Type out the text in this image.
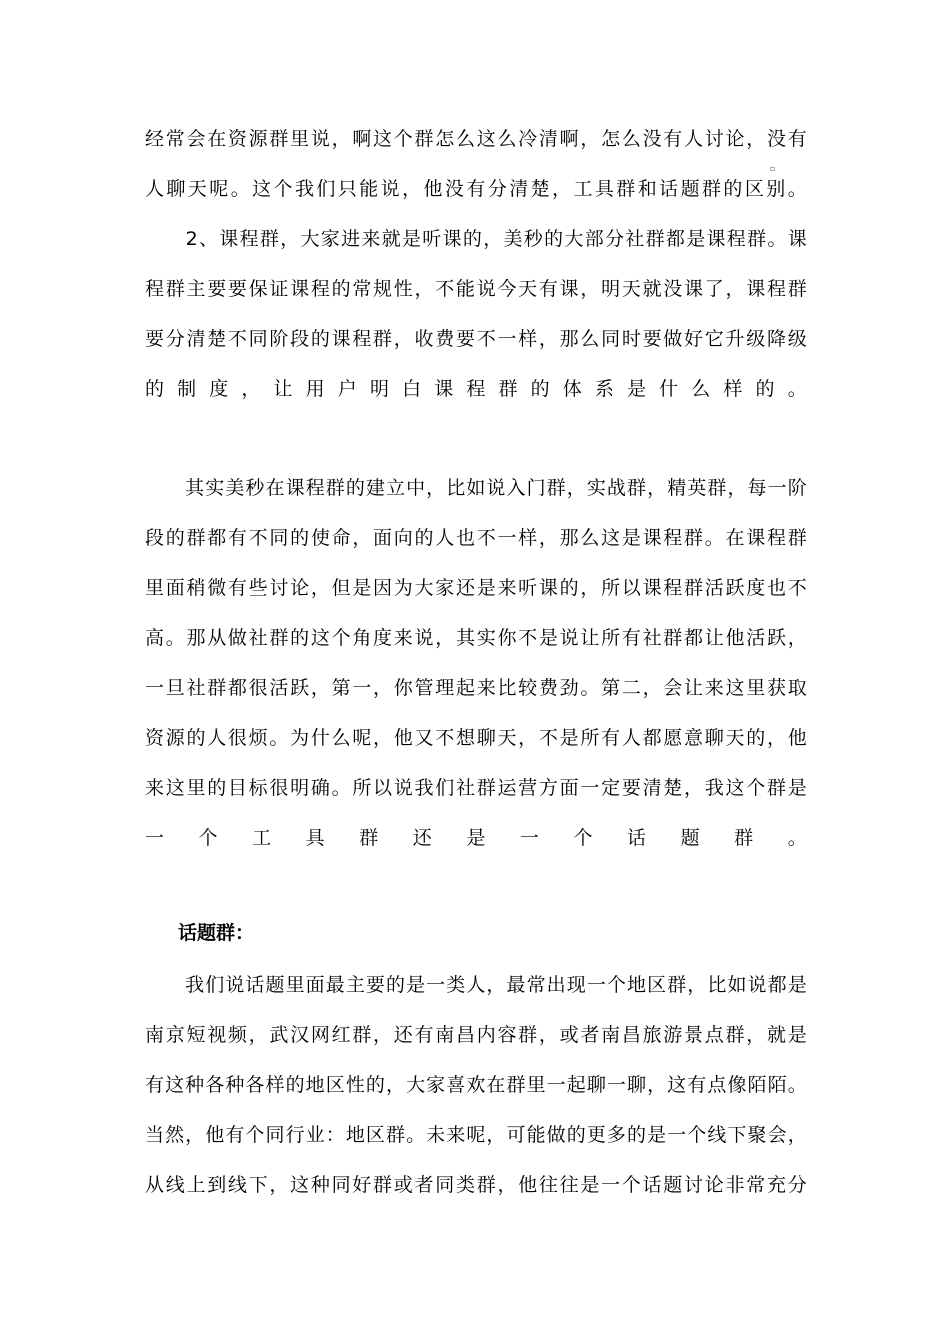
▫
经常会在资源群里说，啊这个群怎么这么冷清啊，怎么没有人讨论，没有
人聊天呢。这个我们只能说，他没有分清楚，工具群和话题群的区别。
　　2、课程群，大家进来就是听课的，美秒的大部分社群都是课程群。课
程群主要要保证课程的常规性，不能说今天有课，明天就没课了，课程群
要分清楚不同阶段的课程群，收费要不一样，那么同时要做好它升级降级
的制度，让用户明白课程群的体系是什么样的。
　　其实美秒在课程群的建立中，比如说入门群，实战群，精英群，每一阶
段的群都有不同的使命，面向的人也不一样，那么这是课程群。在课程群
里面稍微有些讨论，但是因为大家还是来听课的，所以课程群活跃度也不
高。那从做社群的这个角度来说，其实你不是说让所有社群都让他活跃，
一旦社群都很活跃，第一，你管理起来比较费劲。第二，会让来这里获取
资源的人很烦。为什么呢，他又不想聊天，不是所有人都愿意聊天的，他
来这里的目标很明确。所以说我们社群运营方面一定要清楚，我这个群是
一个工具群还是一个话题群。
话题群：
　　我们说话题里面最主要的是一类人，最常出现一个地区群，比如说都是
南京短视频，武汉网红群，还有南昌内容群，或者南昌旅游景点群，就是
有这种各种各样的地区性的，大家喜欢在群里一起聊一聊，这有点像陌陌。
当然，他有个同行业：地区群。未来呢，可能做的更多的是一个线下聚会，
从线上到线下，这种同好群或者同类群，他往往是一个话题讨论非常充分
